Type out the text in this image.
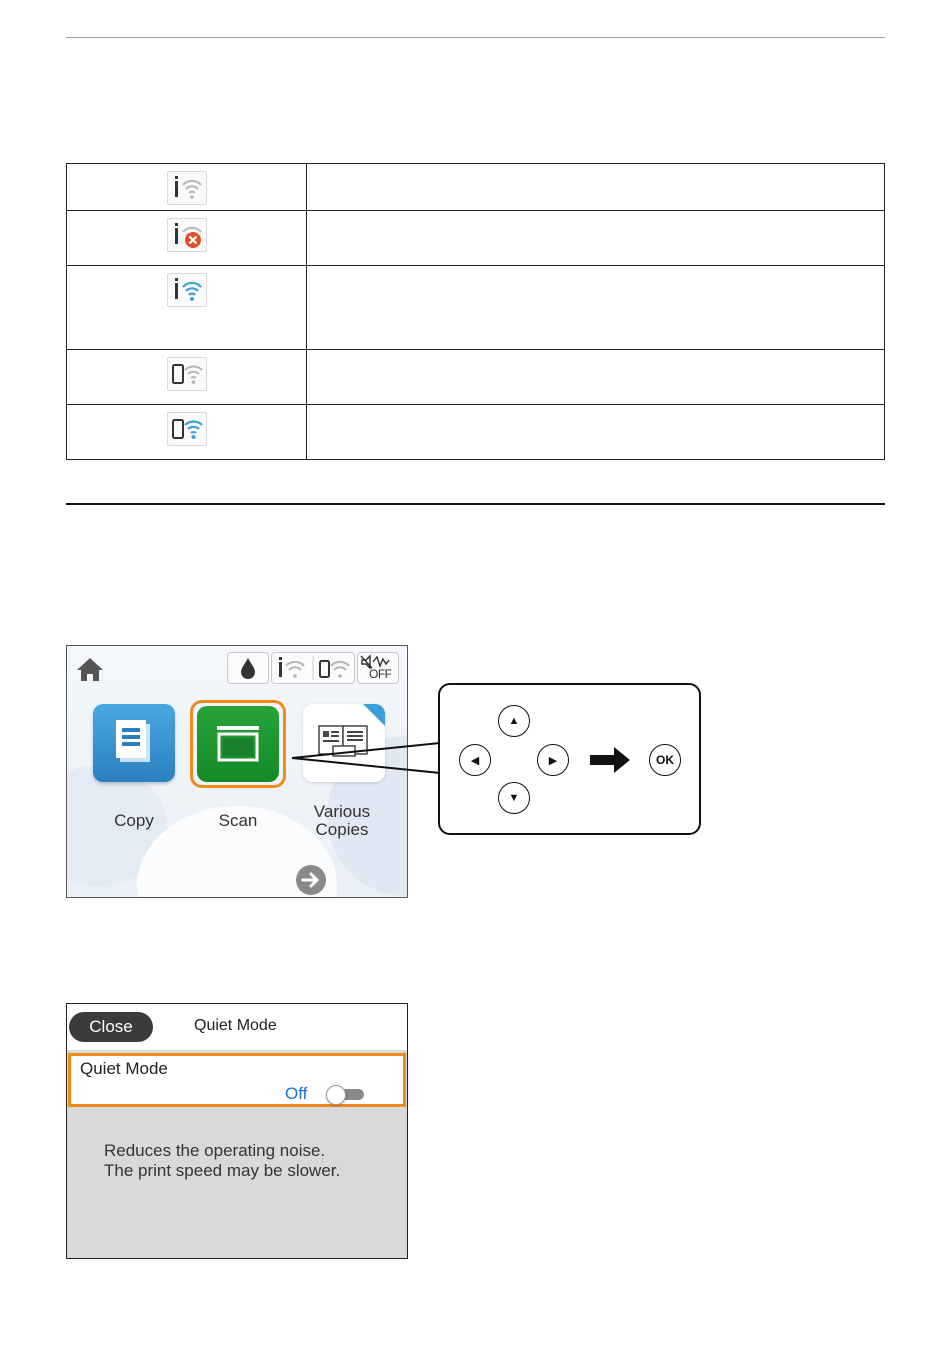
OFF
Copy	Scan	Various
Copies
▲
◀	▶
▼
OK
Close	Quiet Mode
Quiet Mode
Off
Reduces the operating noise.
The print speed may be slower.
